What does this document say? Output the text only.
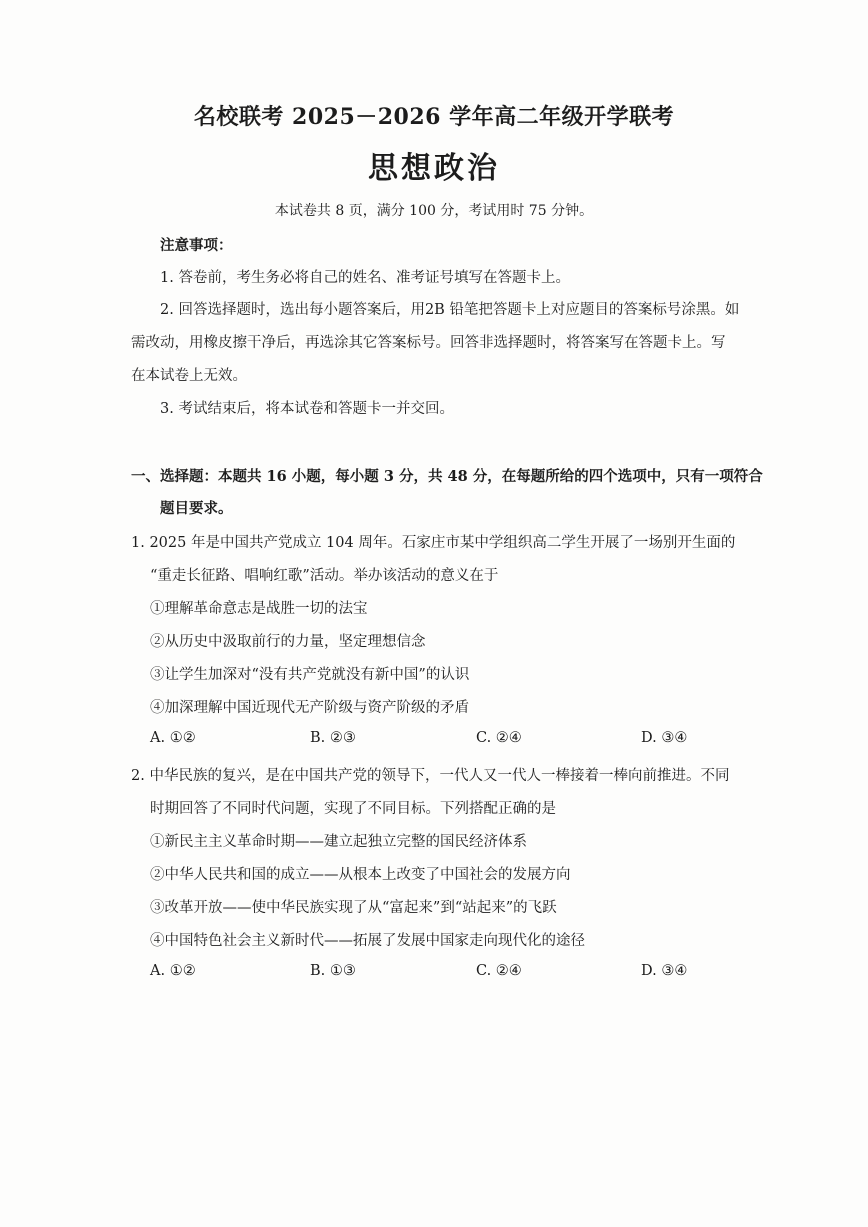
名校联考 2025－2026 学年高二年级开学联考
思想政治
本试卷共 8 页，满分 100 分，考试用时 75 分钟。
注意事项：
1. 答卷前，考生务必将自己的姓名、准考证号填写在答题卡上。
2. 回答选择题时，选出每小题答案后，用2B 铅笔把答题卡上对应题目的答案标号涂黑。如
需改动，用橡皮擦干净后，再选涂其它答案标号。回答非选择题时，将答案写在答题卡上。写
在本试卷上无效。
3. 考试结束后，将本试卷和答题卡一并交回。
一、选择题：本题共 16 小题，每小题 3 分，共 48 分，在每题所给的四个选项中，只有一项符合
题目要求。
1. 2025 年是中国共产党成立 104 周年。石家庄市某中学组织高二学生开展了一场别开生面的
“重走长征路、唱响红歌”活动。举办该活动的意义在于
①理解革命意志是战胜一切的法宝
②从历史中汲取前行的力量，坚定理想信念
③让学生加深对“没有共产党就没有新中国”的认识
④加深理解中国近现代无产阶级与资产阶级的矛盾
A. ①②	B. ②③	C. ②④	D. ③④
2. 中华民族的复兴，是在中国共产党的领导下，一代人又一代人一棒接着一棒向前推进。不同
时期回答了不同时代问题，实现了不同目标。下列搭配正确的是
①新民主主义革命时期——建立起独立完整的国民经济体系
②中华人民共和国的成立——从根本上改变了中国社会的发展方向
③改革开放——使中华民族实现了从“富起来”到“站起来”的飞跃
④中国特色社会主义新时代——拓展了发展中国家走向现代化的途径
A. ①②	B. ①③	C. ②④	D. ③④
